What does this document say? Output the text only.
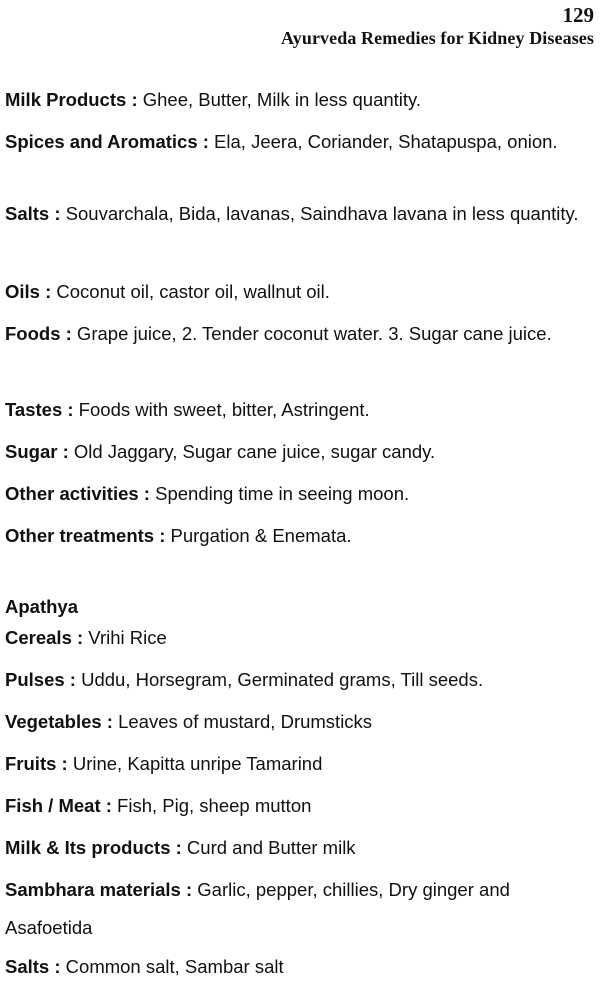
129
Ayurveda Remedies for Kidney Diseases
Milk Products : Ghee, Butter, Milk in less quantity.
Spices and Aromatics : Ela, Jeera, Coriander, Shatapuspa, onion.
Salts : Souvarchala, Bida, lavanas, Saindhava lavana in less quantity.
Oils : Coconut oil, castor oil, wallnut oil.
Foods : Grape juice, 2. Tender coconut water. 3. Sugar cane juice.
Tastes : Foods with sweet, bitter, Astringent.
Sugar : Old Jaggary, Sugar cane juice, sugar candy.
Other activities : Spending time in seeing moon.
Other treatments : Purgation & Enemata.
Apathya
Cereals : Vrihi Rice
Pulses : Uddu, Horsegram, Germinated grams, Till seeds.
Vegetables : Leaves of mustard, Drumsticks
Fruits : Urine, Kapitta unripe Tamarind
Fish / Meat : Fish, Pig, sheep mutton
Milk & Its products : Curd and Butter milk
Sambhara materials : Garlic, pepper, chillies, Dry ginger and Asafoetida
Salts : Common salt, Sambar salt
